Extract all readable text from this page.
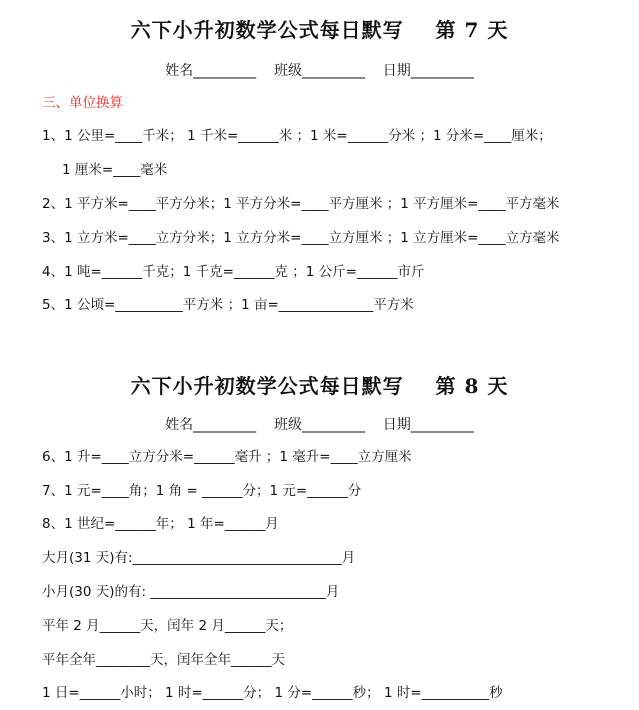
六下小升初数学公式每日默写    第 7 天
姓名_________    班级_________    日期_________
三、单位换算
1、1 公里=____千米； 1 千米=______米 ；1 米=______分米 ；1 分米=____厘米；
1 厘米=____毫米
2、1 平方米=____平方分米；1 平方分米=____平方厘米 ；1 平方厘米=____平方毫米
3、1 立方米=____立方分米；1 立方分米=____立方厘米 ；1 立方厘米=____立方毫米
4、1 吨=______千克；1 千克=______克 ；1 公斤=______市斤
5、1 公顷=__________平方米 ；1 亩=______________平方米
六下小升初数学公式每日默写    第 8 天
姓名_________    班级_________    日期_________
6、1 升=____立方分米=______毫升 ；1 毫升=____立方厘米
7、1 元=____角；1 角 = ______分；1 元=______分
8、1 世纪=______年； 1 年=______月
大月(31 天)有:_______________________________月
小月(30 天)的有: __________________________月
平年 2 月______天，闰年 2 月______天；
平年全年________天，闰年全年______天
1 日=______小时； 1 时=______分； 1 分=______秒； 1 时=__________秒
